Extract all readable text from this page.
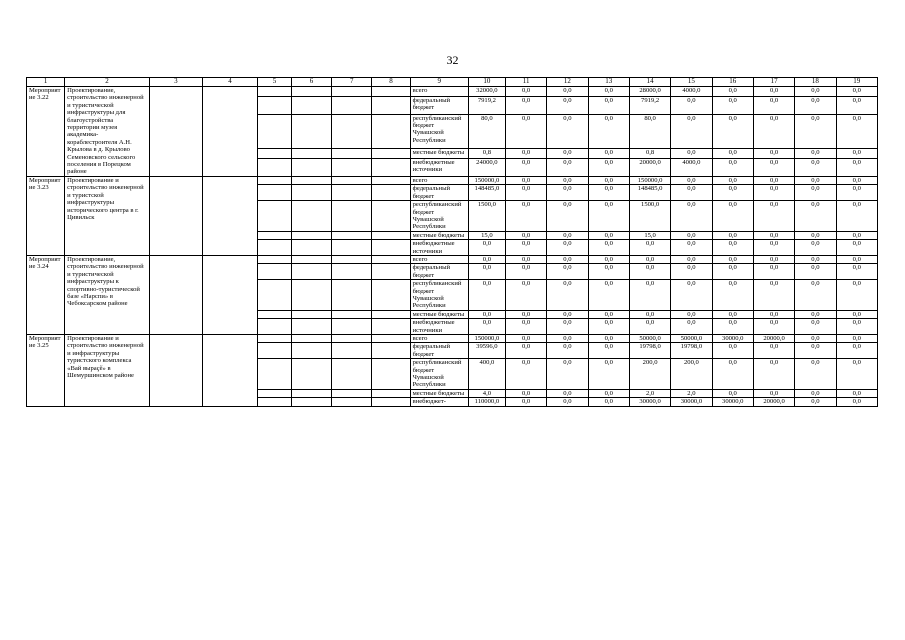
32
1	2	3	4	5	6	7	8	9	10	11	12	13	14	15	16	17	18	19
Мероприятие 3.22	Проектирование, строительство инженерной и туристической инфраструктуры для благоустройства территории музея академика-кораблестроителя А.Н. Крылова в д. Крылово Семеновского сельского поселения в Порецком районе							всего	32000,0	0,0	0,0	0,0	28000,0	4000,0	0,0	0,0	0,0	0,0
								федеральный бюджет	7919,2	0,0	0,0	0,0	7919,2	0,0	0,0	0,0	0,0	0,0
								республиканский бюджет Чувашской Республики	80,0	0,0	0,0	0,0	80,0	0,0	0,0	0,0	0,0	0,0
								местные бюджеты	0,8	0,0	0,0	0,0	0,8	0,0	0,0	0,0	0,0	0,0
								внебюджетные источники	24000,0	0,0	0,0	0,0	20000,0	4000,0	0,0	0,0	0,0	0,0
Мероприятие 3.23	Проектирование и строительство инженерной и туристской инфраструктуры исторического центра в г. Цивильск							всего	150000,0	0,0	0,0	0,0	150000,0	0,0	0,0	0,0	0,0	0,0
								федеральный бюджет	148485,0	0,0	0,0	0,0	148485,0	0,0	0,0	0,0	0,0	0,0
								республиканский бюджет Чувашской Республики	1500,0	0,0	0,0	0,0	1500,0	0,0	0,0	0,0	0,0	0,0
								местные бюджеты	15,0	0,0	0,0	0,0	15,0	0,0	0,0	0,0	0,0	0,0
								внебюджетные источники	0,0	0,0	0,0	0,0	0,0	0,0	0,0	0,0	0,0	0,0
Мероприятие 3.24	Проектирование, строительство инженерной и туристической инфраструктуры к спортивно-туристической базе «Нарспи» в Чебоксарском районе							всего	0,0	0,0	0,0	0,0	0,0	0,0	0,0	0,0	0,0	0,0
								федеральный бюджет	0,0	0,0	0,0	0,0	0,0	0,0	0,0	0,0	0,0	0,0
								республиканский бюджет Чувашской Республики	0,0	0,0	0,0	0,0	0,0	0,0	0,0	0,0	0,0	0,0
								местные бюджеты	0,0	0,0	0,0	0,0	0,0	0,0	0,0	0,0	0,0	0,0
								внебюджетные источники	0,0	0,0	0,0	0,0	0,0	0,0	0,0	0,0	0,0	0,0
Мероприятие 3.25	Проектирование и строительство инженерной и инфраструктуры туристского комплекса «Вай выраҫӗ» в Шемуршинском районе							всего	150000,0	0,0	0,0	0,0	50000,0	50000,0	30000,0	20000,0	0,0	0,0
								федеральный бюджет	39596,0	0,0	0,0	0,0	19798,0	19798,0	0,0	0,0	0,0	0,0
								республиканский бюджет Чувашской Республики	400,0	0,0	0,0	0,0	200,0	200,0	0,0	0,0	0,0	0,0
								местные бюджеты	4,0	0,0	0,0	0,0	2,0	2,0	0,0	0,0	0,0	0,0
								внебюджет-	110000,0	0,0	0,0	0,0	30000,0	30000,0	30000,0	20000,0	0,0	0,0
